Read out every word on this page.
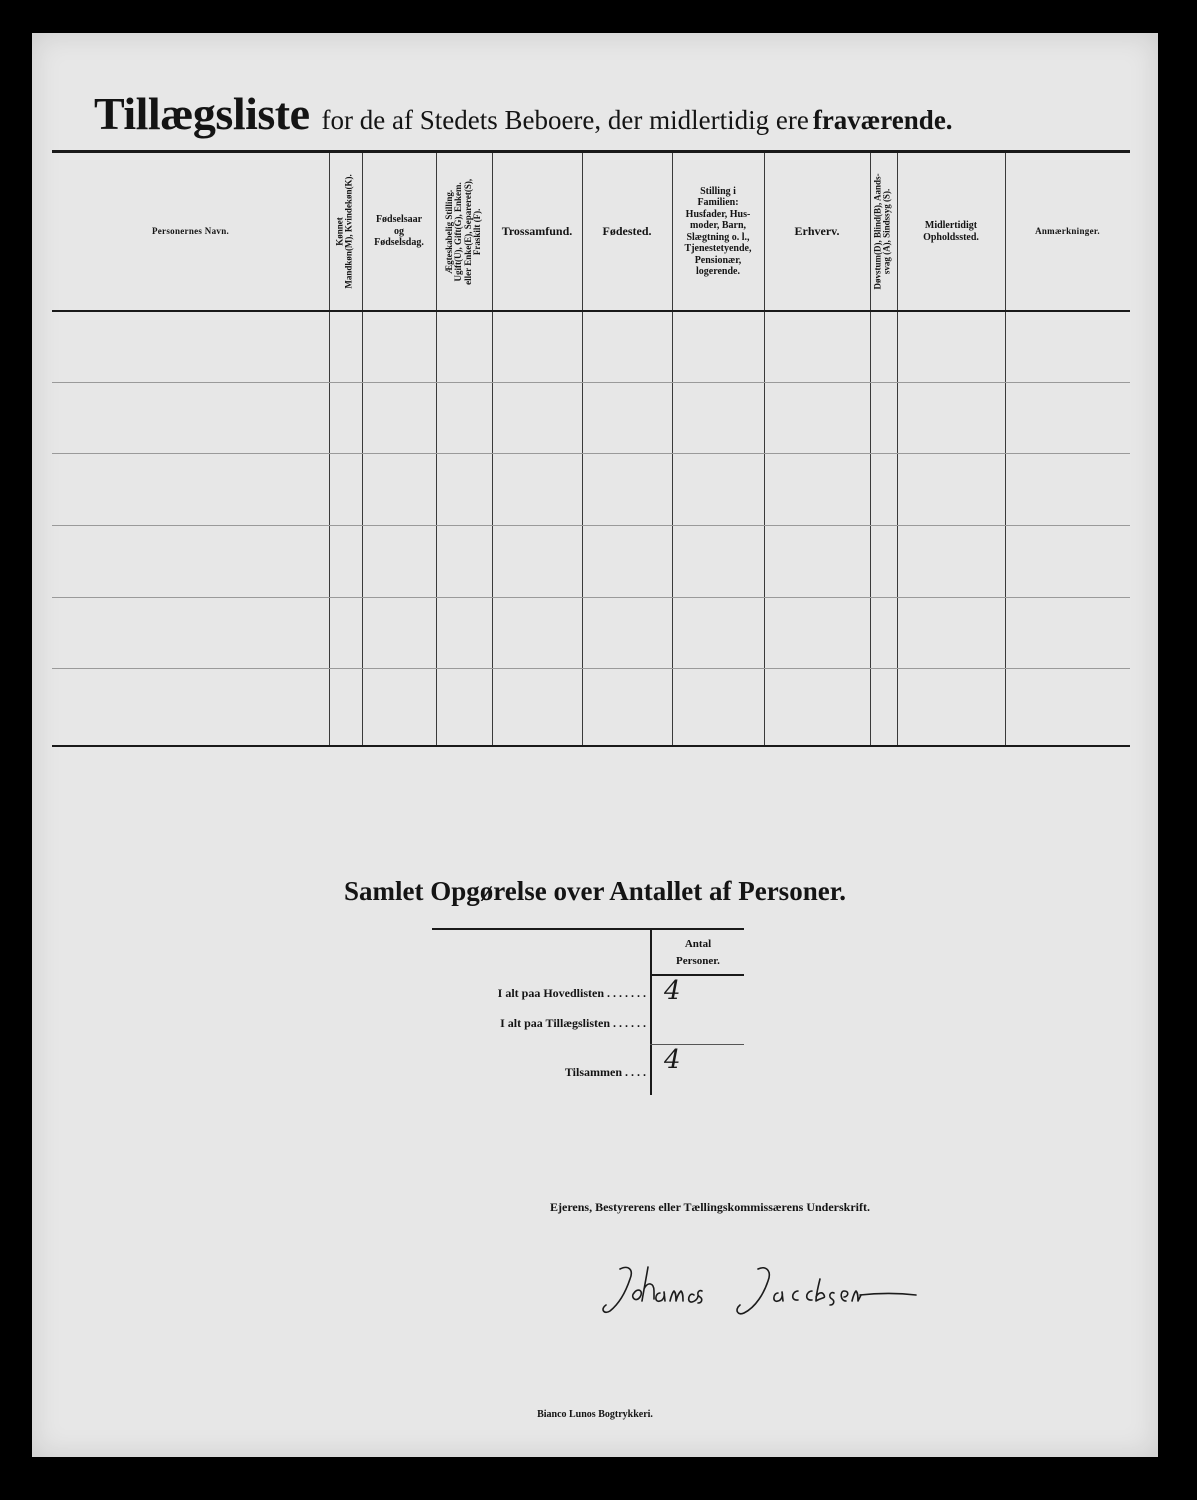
Tillægsliste for de af Stedets Beboere, der midlertidig ere fraværende.
Personernes Navn.	Kønnet
Mandkøn(M), Kvindekøn(K). Fødselsaar
og
Fødselsdag. Ægteskabelig Stilling.
Ugift(U), Gift(G), Enkem.
eller Enke(E), Separeret(S),
Fraskilt (F).
Trossamfund.	Fødested.
Stilling i
Familien:
Husfader, Hus-
moder, Barn,
Slægtning o. l.,
Tjenestetyende,
Pensionær,
logerende.
Erhverv.
Døvstum(D), Blind(B), Aands-
svag (A), Sindssyg (S).
Midlertidigt
Opholdssted.
Anmærkninger.
Samlet Opgørelse over Antallet af Personer.
Antal
Personer.
I alt paa Hovedlisten . . . . . . . 4
I alt paa Tillægslisten . . . . . .
Tilsammen . . . . 4
Ejerens, Bestyrerens eller Tællingskommissærens Underskrift.
Bianco Lunos Bogtrykkeri.
